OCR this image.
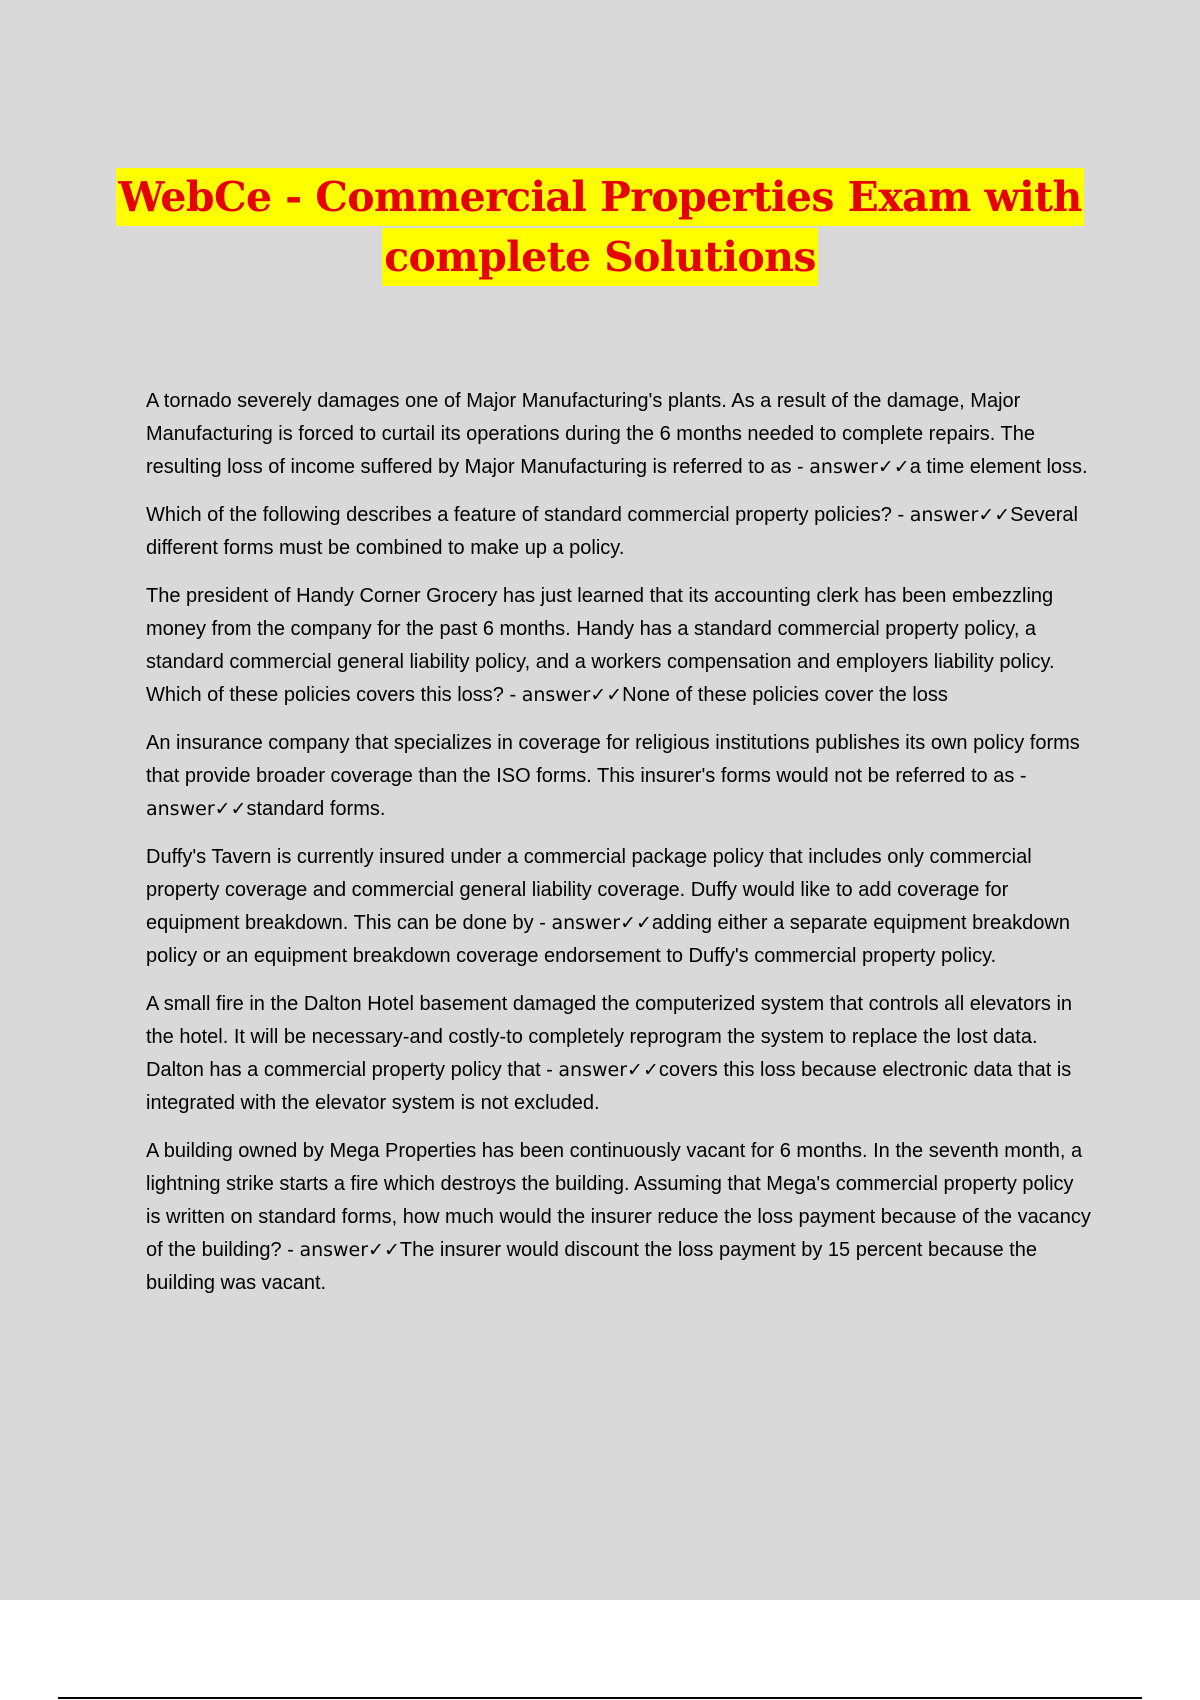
WebCe - Commercial Properties Exam with
complete Solutions

A tornado severely damages one of Major Manufacturing's plants. As a result of the damage, Major Manufacturing is forced to curtail its operations during the 6 months needed to complete repairs. The resulting loss of income suffered by Major Manufacturing is referred to as - answer✓✓a time element loss.

Which of the following describes a feature of standard commercial property policies? - answer✓✓Several different forms must be combined to make up a policy.

The president of Handy Corner Grocery has just learned that its accounting clerk has been embezzling money from the company for the past 6 months. Handy has a standard commercial property policy, a standard commercial general liability policy, and a workers compensation and employers liability policy. Which of these policies covers this loss? - answer✓✓None of these policies cover the loss

An insurance company that specializes in coverage for religious institutions publishes its own policy forms that provide broader coverage than the ISO forms. This insurer's forms would not be referred to as - answer✓✓standard forms.

Duffy's Tavern is currently insured under a commercial package policy that includes only commercial property coverage and commercial general liability coverage. Duffy would like to add coverage for equipment breakdown. This can be done by - answer✓✓adding either a separate equipment breakdown policy or an equipment breakdown coverage endorsement to Duffy's commercial property policy.

A small fire in the Dalton Hotel basement damaged the computerized system that controls all elevators in the hotel. It will be necessary-and costly-to completely reprogram the system to replace the lost data. Dalton has a commercial property policy that - answer✓✓covers this loss because electronic data that is integrated with the elevator system is not excluded.

A building owned by Mega Properties has been continuously vacant for 6 months. In the seventh month, a lightning strike starts a fire which destroys the building. Assuming that Mega's commercial property policy is written on standard forms, how much would the insurer reduce the loss payment because of the vacancy of the building? - answer✓✓The insurer would discount the loss payment by 15 percent because the building was vacant.
